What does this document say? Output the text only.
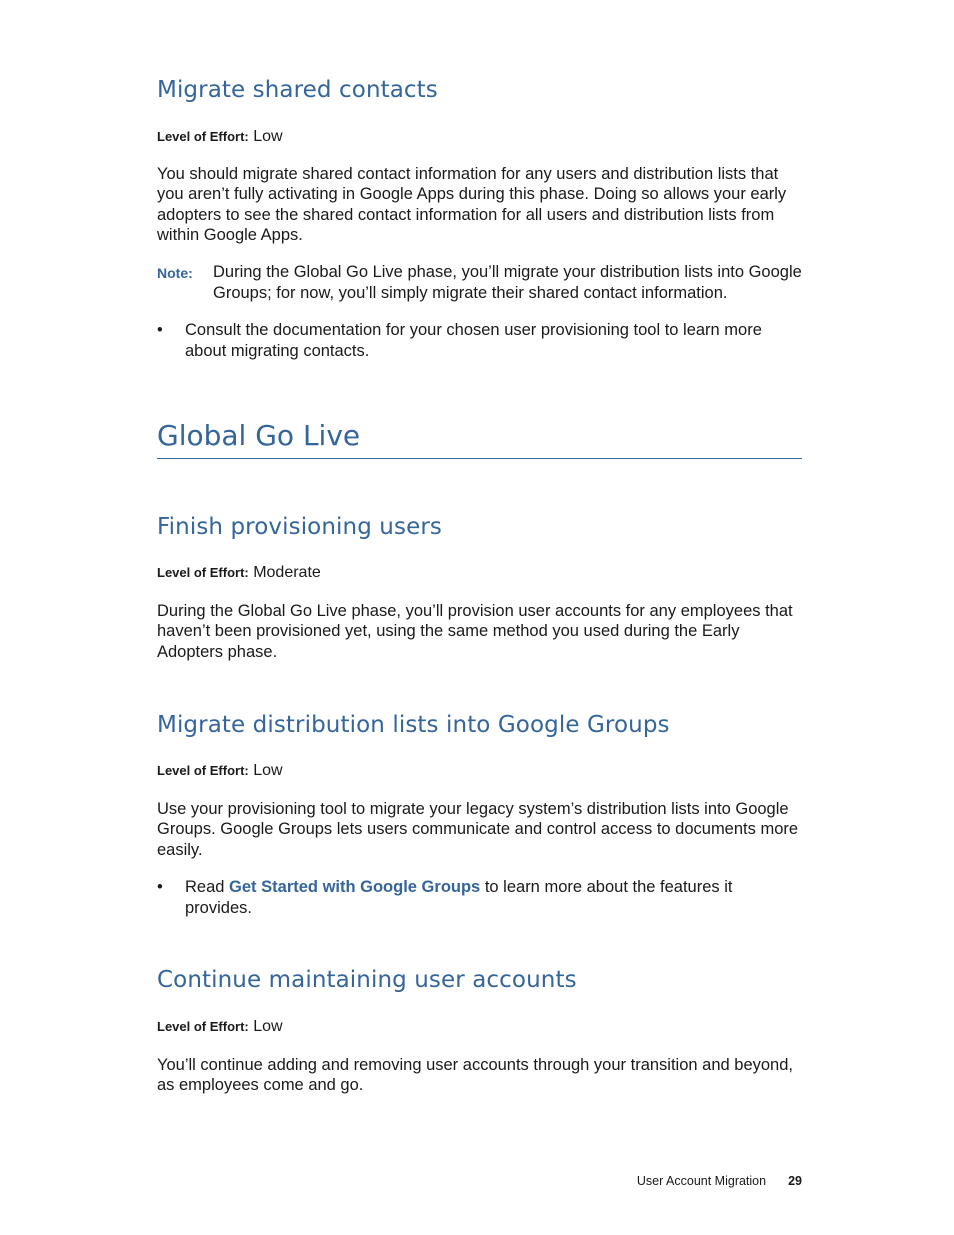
Migrate shared contacts
Level of Effort: Low

You should migrate shared contact information for any users and distribution lists that you aren’t fully activating in Google Apps during this phase. Doing so allows your early adopters to see the shared contact information for all users and distribution lists from within Google Apps.

Note: During the Global Go Live phase, you’ll migrate your distribution lists into Google Groups; for now, you’ll simply migrate their shared contact information.
• Consult the documentation for your chosen user provisioning tool to learn more about migrating contacts.
Global Go Live
Finish provisioning users
Level of Effort: Moderate

During the Global Go Live phase, you’ll provision user accounts for any employees that haven’t been provisioned yet, using the same method you used during the Early Adopters phase.

Migrate distribution lists into Google Groups
Level of Effort: Low

Use your provisioning tool to migrate your legacy system’s distribution lists into Google Groups. Google Groups lets users communicate and control access to documents more easily.

• Read Get Started with Google Groups to learn more about the features it provides.
Continue maintaining user accounts
Level of Effort: Low

You’ll continue adding and removing user accounts through your transition and beyond, as employees come and go.

User Account Migration 29
